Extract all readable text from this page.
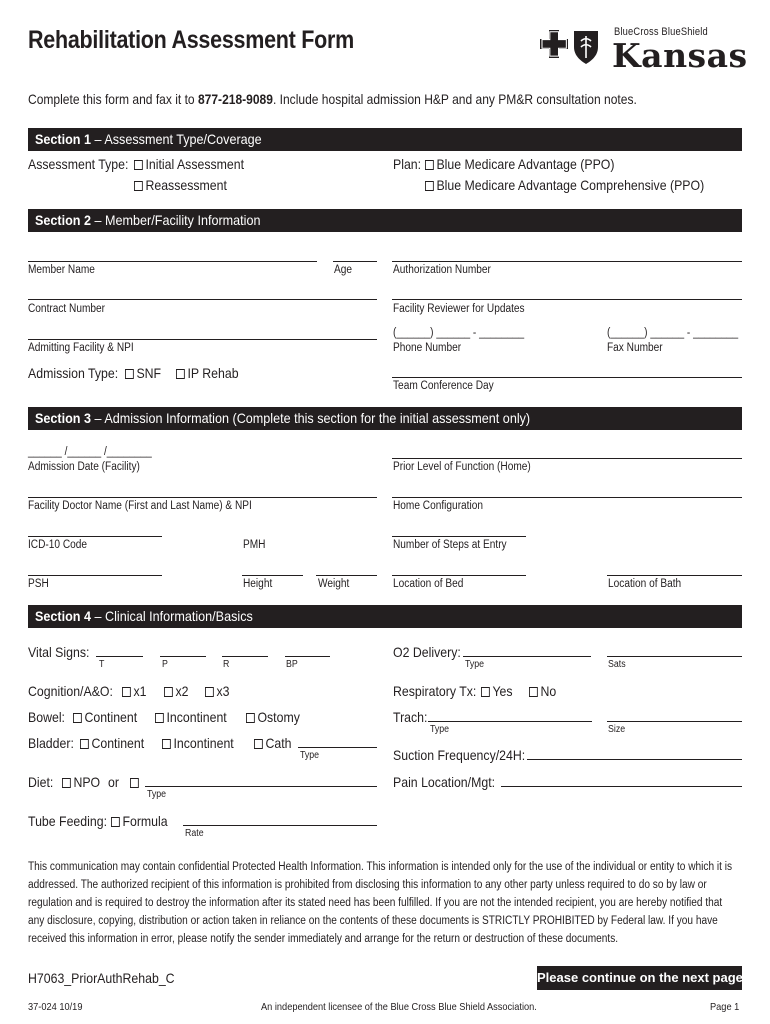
Rehabilitation Assessment Form	BlueCross BlueShield
Kansas
Complete this form and fax it to 877-218-9089. Include hospital admission H&P and any PM&R consultation notes.
Section 1 – Assessment Type/Coverage
Assessment Type:	Initial Assessment
Reassessment
Plan:	Blue Medicare Advantage (PPO)
Blue Medicare Advantage Comprehensive (PPO)
Section 2 – Member/Facility Information
Member Name	Age	Authorization Number
Contract Number	Facility Reviewer for Updates
Admitting Facility & NPI
(______) ______ - ________
Phone Number
(______) ______ - ________
Fax Number
Admission Type:	SNF	IP Rehab
Team Conference Day
Section 3 – Admission Information (Complete this section for the initial assessment only)
______ /______ /________
Admission Date (Facility)	Prior Level of Function (Home)
Facility Doctor Name (First and Last Name) & NPI	Home Configuration
ICD-10 Code	PMH	Number of Steps at Entry
PSH	Height	Weight	Location of Bed	Location of Bath
Section 4 – Clinical Information/Basics
Vital Signs:
T	P	R	BP
O2 Delivery:
Type	Sats
Cognition/A&O:	x1	x2	x3	Respiratory Tx:	Yes	No
Bowel:	Continent	Incontinent	Ostomy	Trach:
Type	Size
Bladder:	Continent	Incontinent	Cath
Type	Suction Frequency/24H:
Diet:	NPO or
Type
Pain Location/Mgt:
Tube Feeding:	Formula
Rate
This communication may contain confidential Protected Health Information. This information is intended only for the use of the individual or entity to which it is addressed. The authorized recipient of this information is prohibited from disclosing this information to any other party unless required to do so by law or regulation and is required to destroy the information after its stated need has been fulfilled. If you are not the intended recipient, you are hereby notified that any disclosure, copying, distribution or action taken in reliance on the contents of these documents is STRICTLY PROHIBITED by Federal law. If you have received this information in error, please notify the sender immediately and arrange for the return or destruction of these documents.
H7063_PriorAuthRehab_C	Please continue on the next page.
37-024 10/19	An independent licensee of the Blue Cross Blue Shield Association.	Page 1
